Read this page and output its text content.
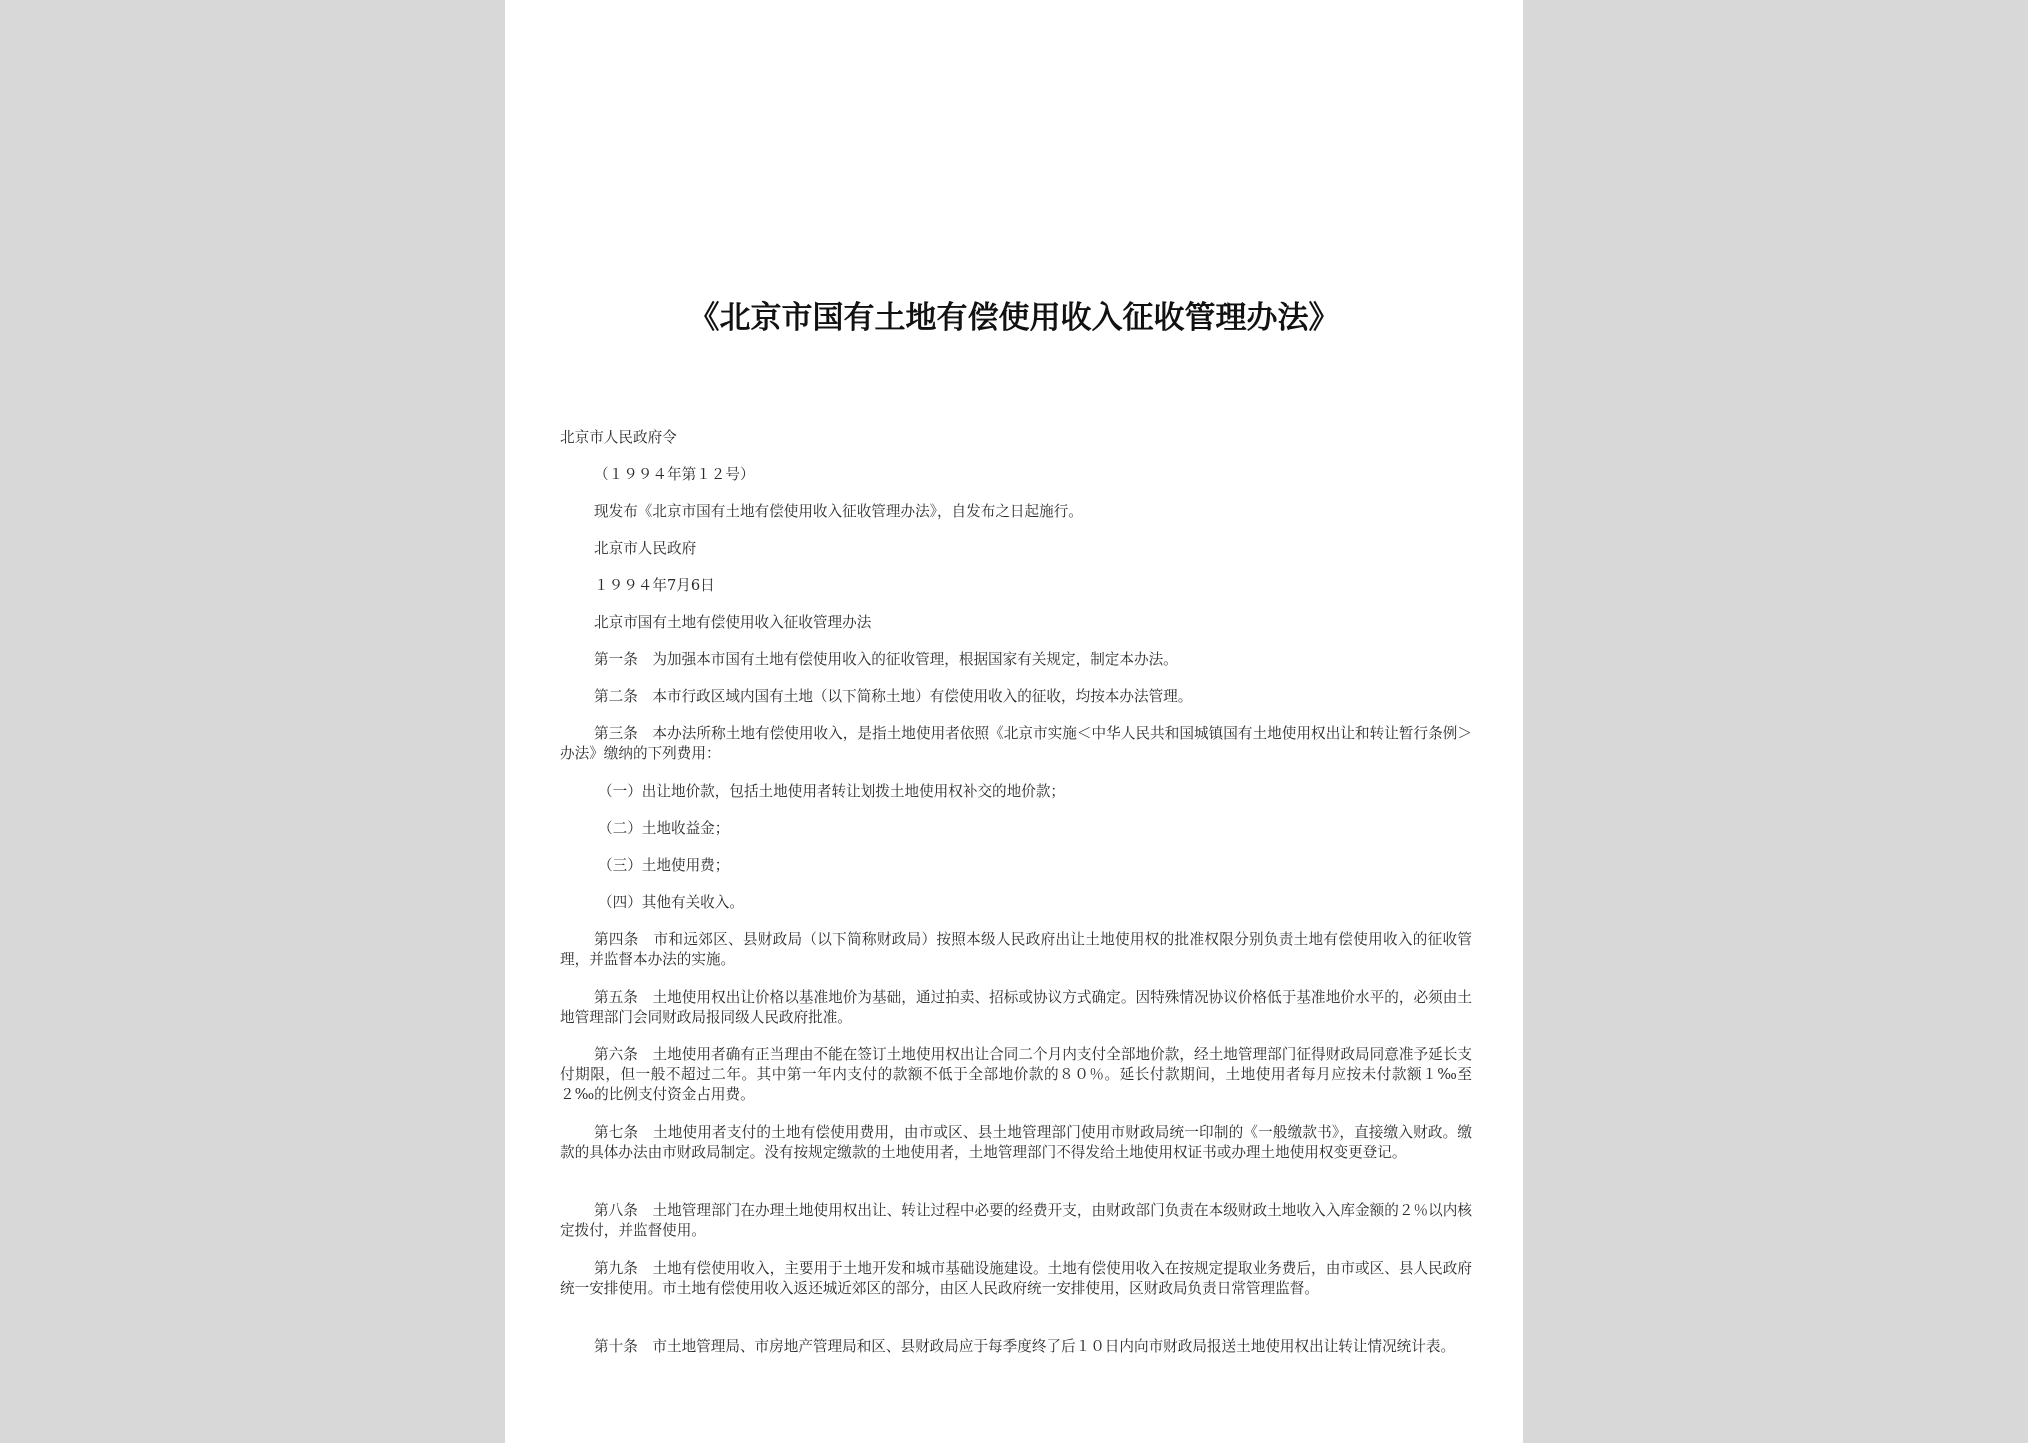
《北京市国有土地有偿使用收入征收管理办法》

北京市人民政府令

（１９９４年第１２号）

现发布《北京市国有土地有偿使用收入征收管理办法》，自发布之日起施行。

北京市人民政府

１９９４年7月6日

北京市国有土地有偿使用收入征收管理办法

第一条　为加强本市国有土地有偿使用收入的征收管理，根据国家有关规定，制定本办法。

第二条　本市行政区域内国有土地（以下简称土地）有偿使用收入的征收，均按本办法管理。

第三条　本办法所称土地有偿使用收入，是指土地使用者依照《北京市实施＜中华人民共和国城镇国有土地使用权出让和转让暂行条例＞办法》缴纳的下列费用：

（一）出让地价款，包括土地使用者转让划拨土地使用权补交的地价款；

（二）土地收益金；

（三）土地使用费；

（四）其他有关收入。

第四条　市和远郊区、县财政局（以下简称财政局）按照本级人民政府出让土地使用权的批准权限分别负责土地有偿使用收入的征收管理，并监督本办法的实施。

第五条　土地使用权出让价格以基准地价为基础，通过拍卖、招标或协议方式确定。因特殊情况协议价格低于基准地价水平的，必须由土地管理部门会同财政局报同级人民政府批准。

第六条　土地使用者确有正当理由不能在签订土地使用权出让合同二个月内支付全部地价款，经土地管理部门征得财政局同意准予延长支付期限，但一般不超过二年。其中第一年内支付的款额不低于全部地价款的８０％。延长付款期间，土地使用者每月应按未付款额１‰至２‰的比例支付资金占用费。

第七条　土地使用者支付的土地有偿使用费用，由市或区、县土地管理部门使用市财政局统一印制的《一般缴款书》，直接缴入财政。缴款的具体办法由市财政局制定。没有按规定缴款的土地使用者，土地管理部门不得发给土地使用权证书或办理土地使用权变更登记。

第八条　土地管理部门在办理土地使用权出让、转让过程中必要的经费开支，由财政部门负责在本级财政土地收入入库金额的２％以内核定拨付，并监督使用。

第九条　土地有偿使用收入，主要用于土地开发和城市基础设施建设。土地有偿使用收入在按规定提取业务费后，由市或区、县人民政府统一安排使用。市土地有偿使用收入返还城近郊区的部分，由区人民政府统一安排使用，区财政局负责日常管理监督。

第十条　市土地管理局、市房地产管理局和区、县财政局应于每季度终了后１０日内向市财政局报送土地使用权出让转让情况统计表。
